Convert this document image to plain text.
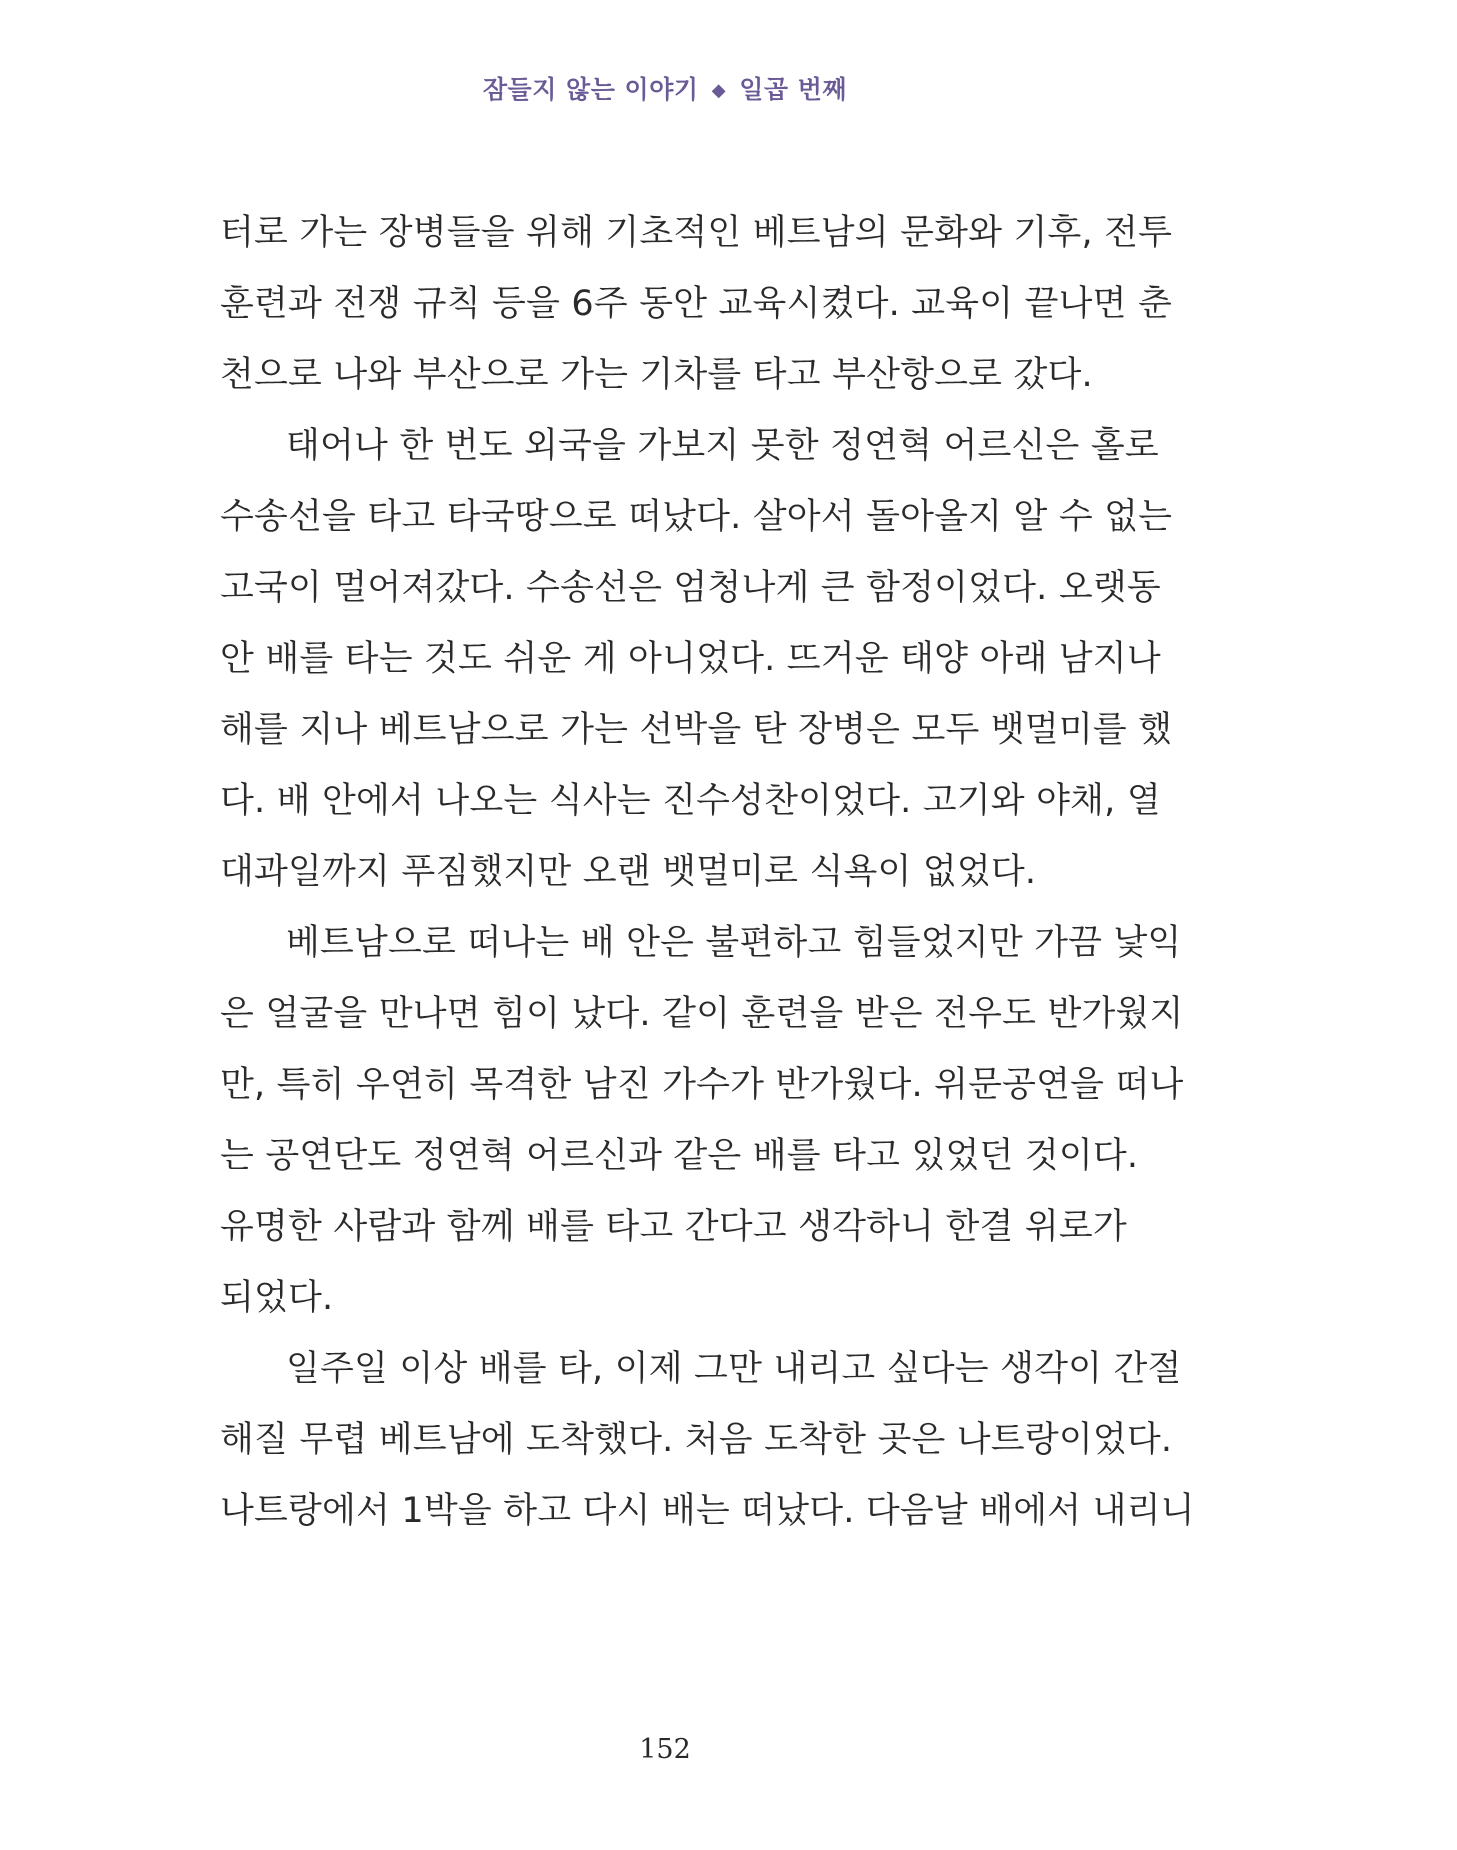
잠들지 않는 이야기 ◆ 일곱 번째
터로 가는 장병들을 위해 기초적인 베트남의 문화와 기후, 전투
훈련과 전쟁 규칙 등을 6주 동안 교육시켰다. 교육이 끝나면 춘
천으로 나와 부산으로 가는 기차를 타고 부산항으로 갔다.
태어나 한 번도 외국을 가보지 못한 정연혁 어르신은 홀로
수송선을 타고 타국땅으로 떠났다. 살아서 돌아올지 알 수 없는
고국이 멀어져갔다. 수송선은 엄청나게 큰 함정이었다. 오랫동
안 배를 타는 것도 쉬운 게 아니었다. 뜨거운 태양 아래 남지나
해를 지나 베트남으로 가는 선박을 탄 장병은 모두 뱃멀미를 했
다. 배 안에서 나오는 식사는 진수성찬이었다. 고기와 야채, 열
대과일까지 푸짐했지만 오랜 뱃멀미로 식욕이 없었다.
베트남으로 떠나는 배 안은 불편하고 힘들었지만 가끔 낯익
은 얼굴을 만나면 힘이 났다. 같이 훈련을 받은 전우도 반가웠지
만, 특히 우연히 목격한 남진 가수가 반가웠다. 위문공연을 떠나
는 공연단도 정연혁 어르신과 같은 배를 타고 있었던 것이다.
유명한 사람과 함께 배를 타고 간다고 생각하니 한결 위로가
되었다.
일주일 이상 배를 타, 이제 그만 내리고 싶다는 생각이 간절
해질 무렵 베트남에 도착했다. 처음 도착한 곳은 나트랑이었다.
나트랑에서 1박을 하고 다시 배는 떠났다. 다음날 배에서 내리니
152
